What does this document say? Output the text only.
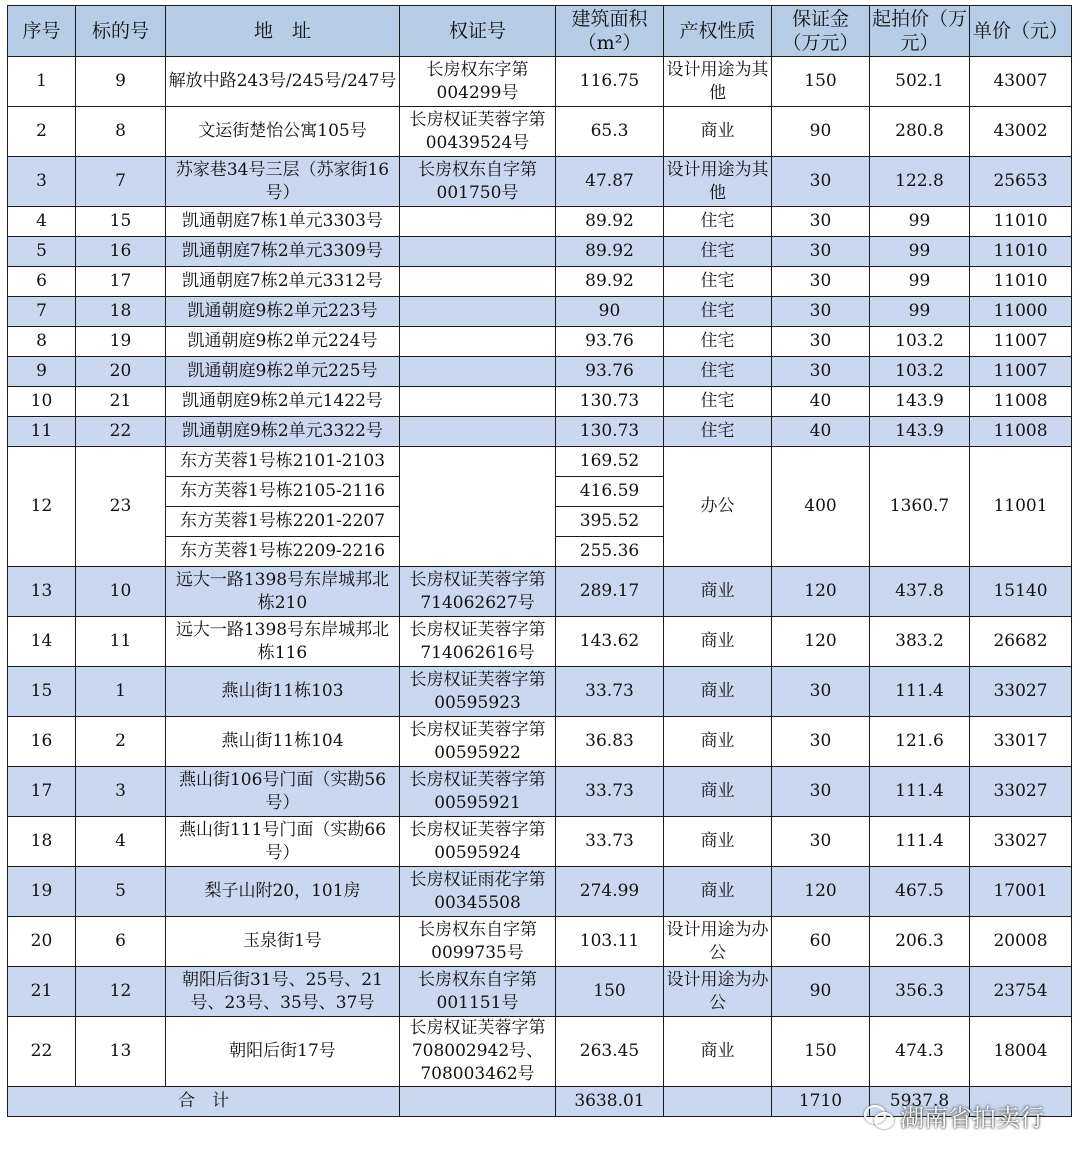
序号	标的号	地　址	权证号	建筑面积（m²）	产权性质	保证金（万元）	起拍价（万元）	单价（元）
1	9	解放中路243号/245号/247号	长房权东字第004299号	116.75	设计用途为其他	150	502.1	43007
2	8	文运街楚怡公寓105号	长房权证芙蓉字第00439524号	65.3	商业	90	280.8	43002
3	7	苏家巷34号三层（苏家街16号）	长房权东自字第001750号	47.87	设计用途为其他	30	122.8	25653
4	15	凯通朝庭7栋1单元3303号		89.92	住宅	30	99	11010
5	16	凯通朝庭7栋2单元3309号		89.92	住宅	30	99	11010
6	17	凯通朝庭7栋2单元3312号		89.92	住宅	30	99	11010
7	18	凯通朝庭9栋2单元223号		90	住宅	30	99	11000
8	19	凯通朝庭9栋2单元224号		93.76	住宅	30	103.2	11007
9	20	凯通朝庭9栋2单元225号		93.76	住宅	30	103.2	11007
10	21	凯通朝庭9栋2单元1422号		130.73	住宅	40	143.9	11008
11	22	凯通朝庭9栋2单元3322号		130.73	住宅	40	143.9	11008
12	23	东方芙蓉1号栋2101-2103		169.52	办公	400	1360.7	11001
		东方芙蓉1号栋2105-2116		416.59				
		东方芙蓉1号栋2201-2207		395.52				
		东方芙蓉1号栋2209-2216		255.36				
13	10	远大一路1398号东岸城邦北栋210	长房权证芙蓉字第714062627号	289.17	商业	120	437.8	15140
14	11	远大一路1398号东岸城邦北栋116	长房权证芙蓉字第714062616号	143.62	商业	120	383.2	26682
15	1	燕山街11栋103	长房权证芙蓉字第00595923	33.73	商业	30	111.4	33027
16	2	燕山街11栋104	长房权证芙蓉字第00595922	36.83	商业	30	121.6	33017
17	3	燕山街106号门面（实勘56号）	长房权证芙蓉字第00595921	33.73	商业	30	111.4	33027
18	4	燕山街111号门面（实勘66号）	长房权证芙蓉字第00595924	33.73	商业	30	111.4	33027
19	5	梨子山附20，101房	长房权证雨花字第00345508	274.99	商业	120	467.5	17001
20	6	玉泉街1号	长房权东自字第0099735号	103.11	设计用途为办公	60	206.3	20008
21	12	朝阳后街31号、25号、21号、23号、35号、37号	长房权东自字第001151号	150	设计用途为办公	90	356.3	23754
22	13	朝阳后街17号	长房权证芙蓉字第708002942号、708003462号	263.45	商业	150	474.3	18004
合　计				3638.01		1710	5937.8	
湖南省拍卖行
